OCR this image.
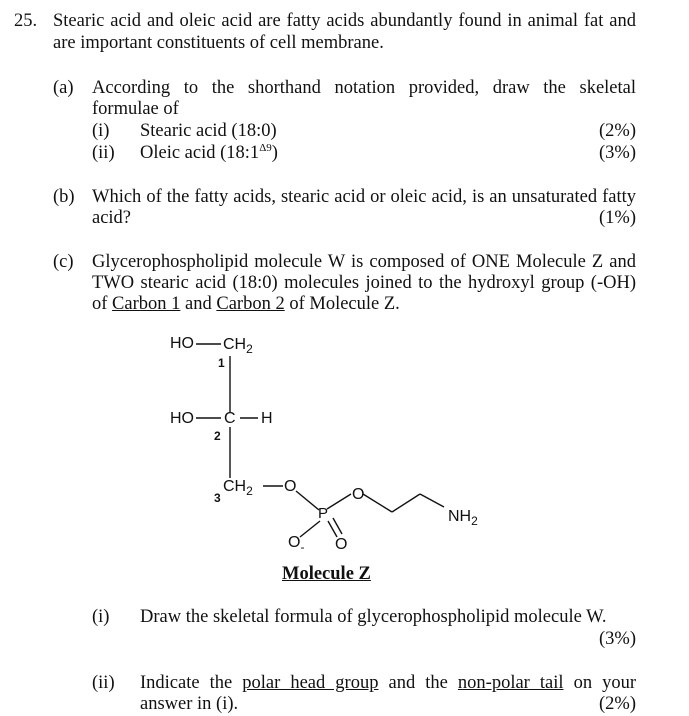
25. Stearic acid and oleic acid are fatty acids abundantly found in animal fat and
are important constituents of cell membrane.
(a) According to the shorthand notation provided, draw the skeletal
formulae of
(i) Stearic acid (18:0)	(2%)
(ii) Oleic acid $(18:1^{\Delta 9})$	(3%)
(b) Which of the fatty acids, stearic acid or oleic acid, is an unsaturated fatty
acid?	(1%)
(c) Glycerophospholipid molecule W is composed of ONE Molecule Z and
TWO stearic acid (18:0) molecules joined to the hydroxyl group (-OH)
of Carbon 1 and Carbon 2 of Molecule Z.
HO $CH_2$
1
HO C H
2
$CH_2$
3
O
P
O
$O_-$ O
$NH_2$
Molecule Z
(i) Draw the skeletal formula of glycerophospholipid molecule W.
(3%)
(ii) Indicate the polar head group and the non-polar tail on your
answer in (i).	(2%)
